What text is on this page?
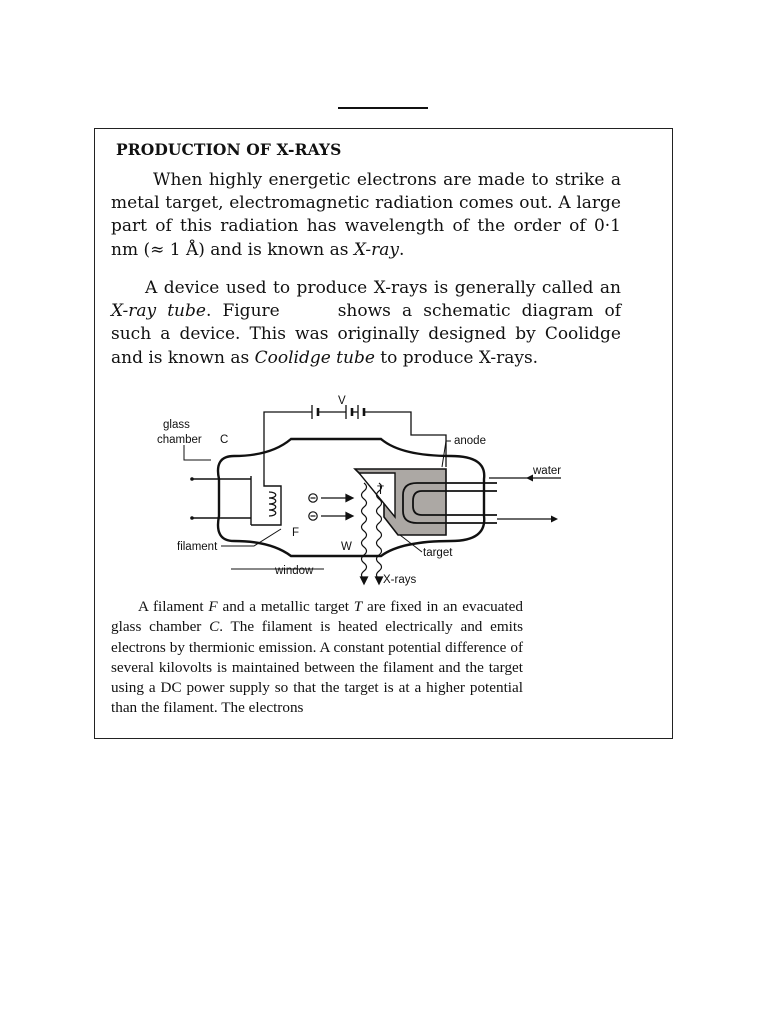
PRODUCTION OF X-RAYS

When highly energetic electrons are made to strike a metal target, electromagnetic radiation comes out. A large part of this radiation has wavelength of the order of 0·1 nm (≈ 1 Å) and is known as X-ray.

A device used to produce X-rays is generally called an X-ray tube. Figure	shows a schematic diagram of such a device. This was originally designed by Coolidge and is known as Coolidge tube to produce X-rays.

V
glass
chamber C	anode
water
T
F
filament	W	target
window
X-rays

A filament F and a metallic target T are fixed in an evacuated glass chamber C. The filament is heated electrically and emits electrons by thermionic emission. A constant potential difference of several kilovolts is maintained between the filament and the target using a DC power supply so that the target is at a higher potential than the filament. The electrons
